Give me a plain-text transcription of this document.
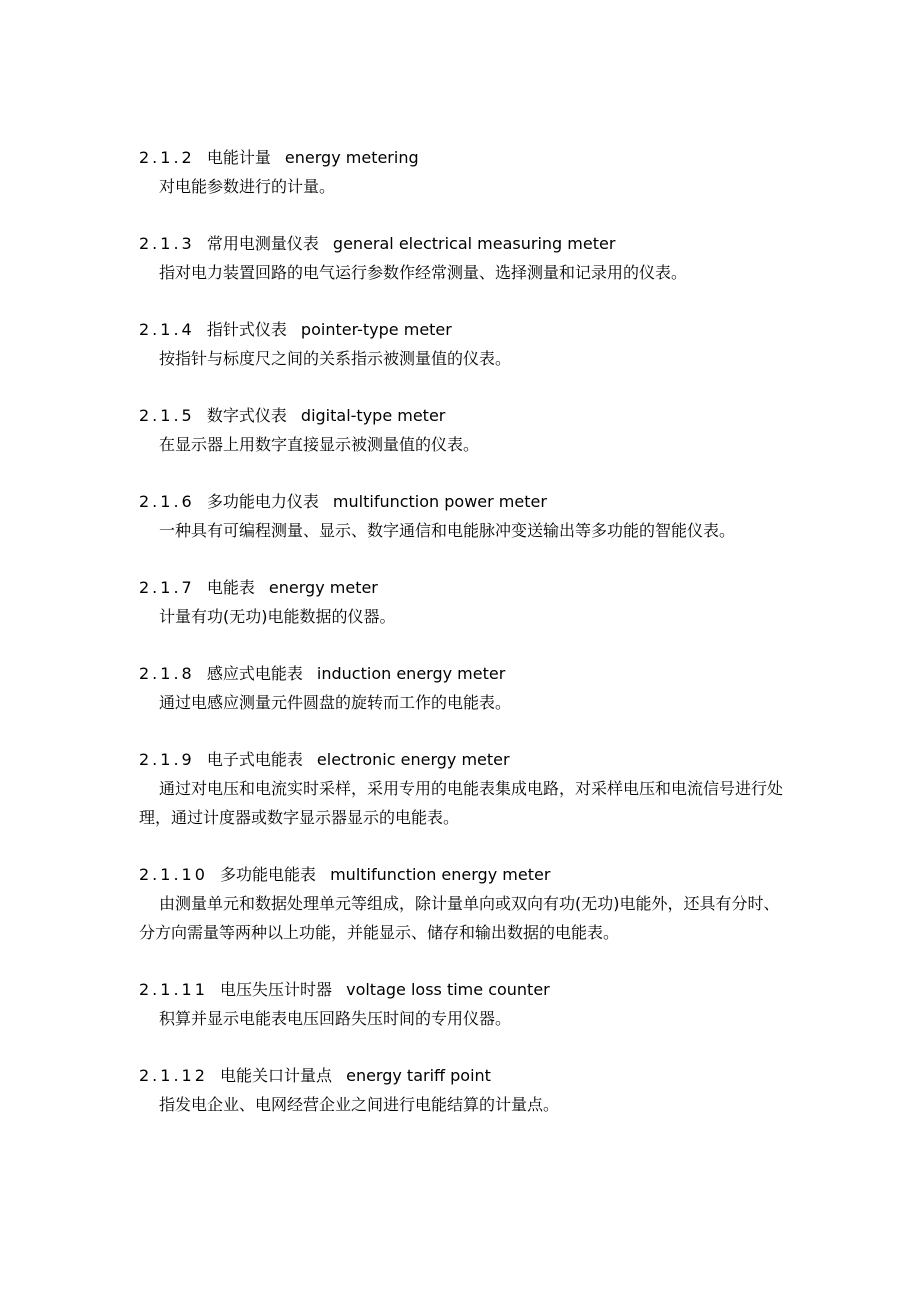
2.1.2 电能计量 energy metering

对电能参数进行的计量。

2.1.3 常用电测量仪表 general electrical measuring meter

指对电力装置回路的电气运行参数作经常测量、选择测量和记录用的仪表。

2.1.4 指针式仪表 pointer-type meter

按指针与标度尺之间的关系指示被测量值的仪表。

2.1.5 数字式仪表 digital-type meter

在显示器上用数字直接显示被测量值的仪表。

2.1.6 多功能电力仪表 multifunction power meter

一种具有可编程测量、显示、数字通信和电能脉冲变送输出等多功能的智能仪表。

2.1.7 电能表 energy meter

计量有功(无功)电能数据的仪器。

2.1.8 感应式电能表 induction energy meter

通过电感应测量元件圆盘的旋转而工作的电能表。

2.1.9 电子式电能表 electronic energy meter

通过对电压和电流实时采样，采用专用的电能表集成电路，对采样电压和电流信号进行处理，通过计度器或数字显示器显示的电能表。

2.1.10 多功能电能表 multifunction energy meter

由测量单元和数据处理单元等组成，除计量单向或双向有功(无功)电能外，还具有分时、分方向需量等两种以上功能，并能显示、储存和输出数据的电能表。

2.1.11 电压失压计时器 voltage loss time counter

积算并显示电能表电压回路失压时间的专用仪器。

2.1.12 电能关口计量点 energy tariff point

指发电企业、电网经营企业之间进行电能结算的计量点。
